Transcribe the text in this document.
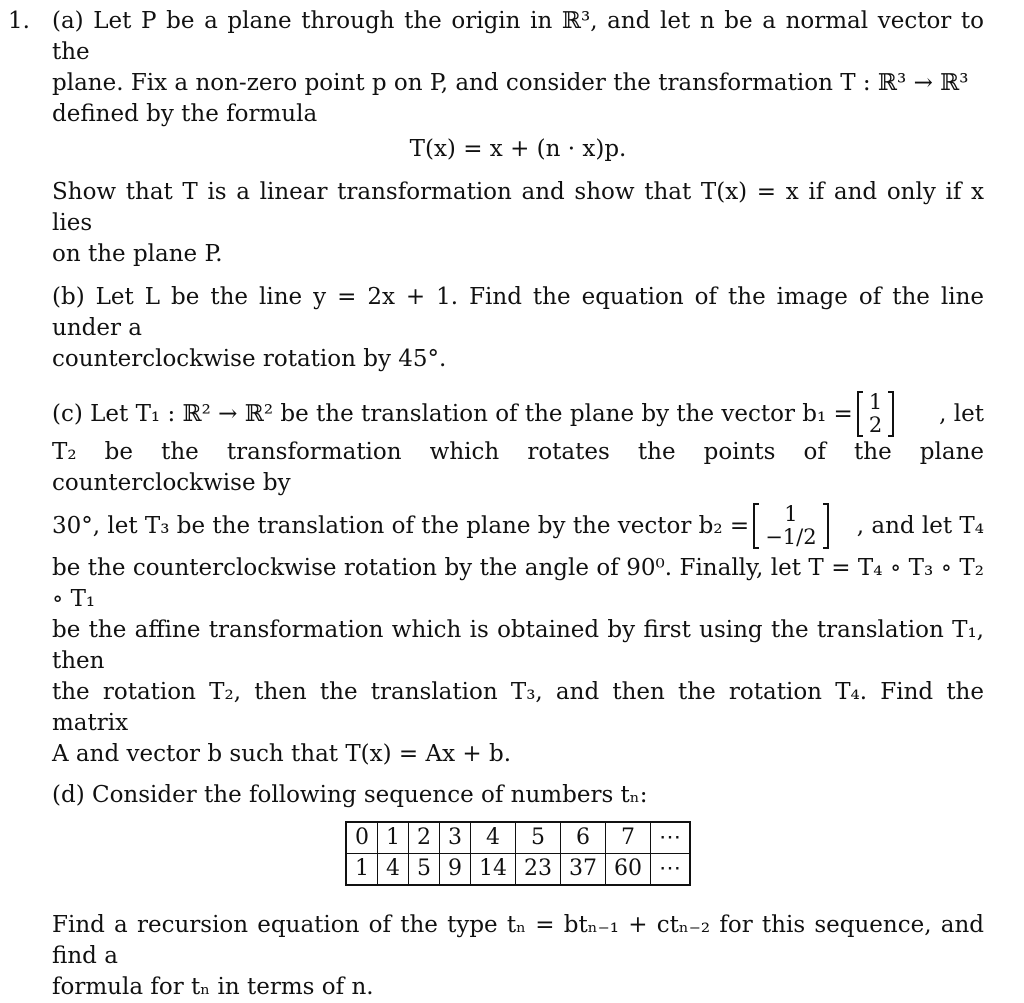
1. (a) Let P be a plane through the origin in ℝ³, and let n be a normal vector to the

plane. Fix a non-zero point p on P, and consider the transformation T : ℝ³ → ℝ³

defined by the formula

T(x) = x + (n · x)p.

Show that T is a linear transformation and show that T(x) = x if and only if x lies

on the plane P.

(b) Let L be the line y = 2x + 1. Find the equation of the image of the line under a

counterclockwise rotation by 45°.

(c) Let T₁ : ℝ² → ℝ² be the translation of the plane by the vector b₁ = 1
2 , let

T₂ be the transformation which rotates the points of the plane counterclockwise by

30°, let T₃ be the translation of the plane by the vector b₂ = 1
−1/2 , and let T₄

be the counterclockwise rotation by the angle of 90⁰. Finally, let T = T₄ ∘ T₃ ∘ T₂ ∘ T₁

be the affine transformation which is obtained by first using the translation T₁, then

the rotation T₂, then the translation T₃, and then the rotation T₄. Find the matrix

A and vector b such that T(x) = Ax + b.

(d) Consider the following sequence of numbers tₙ:

0	1	2	3	4	5	6	7	⋯
1	4	5	9	14	23	37	60	⋯

Find a recursion equation of the type tₙ = btₙ₋₁ + ctₙ₋₂ for this sequence, and find a

formula for tₙ in terms of n.
